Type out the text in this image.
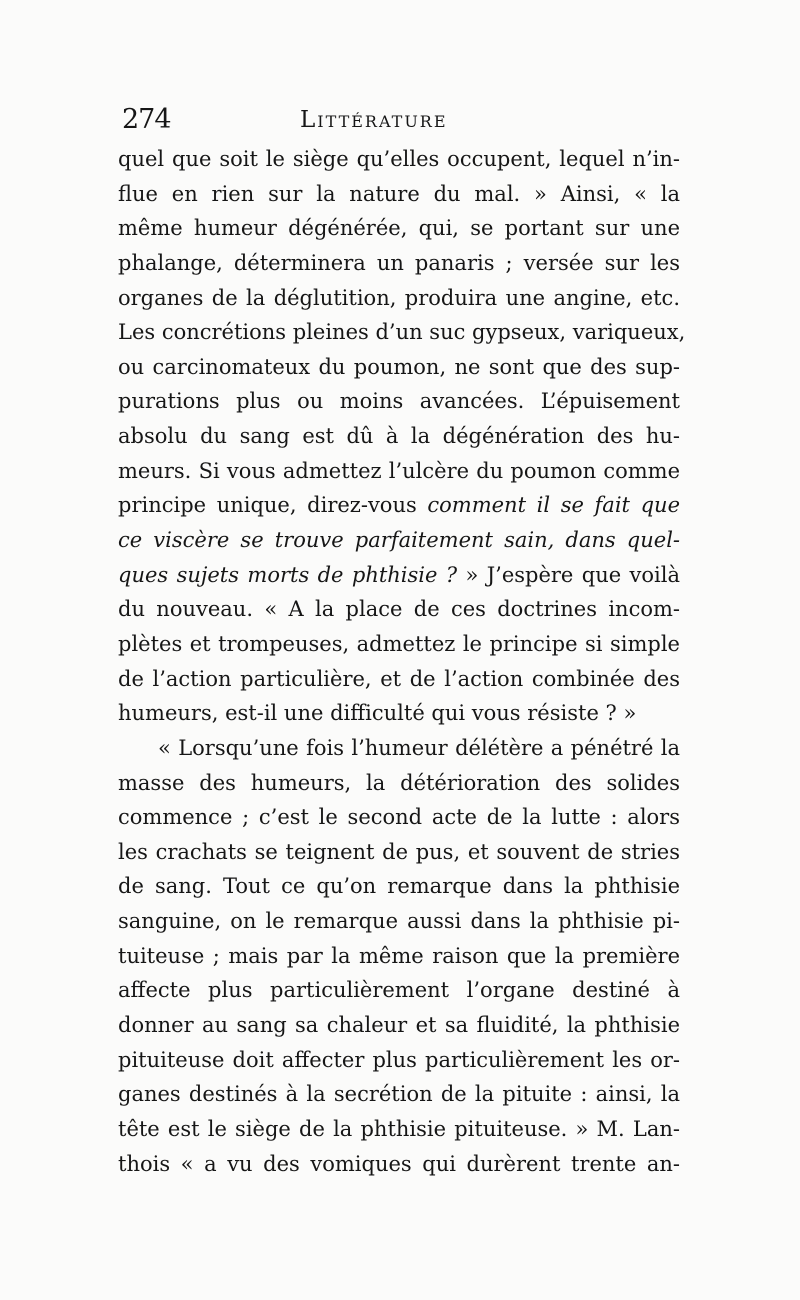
274	Littérature
quel que soit le siège qu’elles occupent, lequel n’in-
flue en rien sur la nature du mal. » Ainsi, « la
même humeur dégénérée, qui, se portant sur une
phalange, déterminera un panaris ; versée sur les
organes de la déglutition, produira une angine, etc.
Les concrétions pleines d’un suc gypseux, variqueux,
ou carcinomateux du poumon, ne sont que des sup-
purations plus ou moins avancées. L’épuisement
absolu du sang est dû à la dégénération des hu-
meurs. Si vous admettez l’ulcère du poumon comme
principe unique, direz-vous comment il se fait que
ce viscère se trouve parfaitement sain, dans quel-
ques sujets morts de phthisie ? » J’espère que voilà
du nouveau. « A la place de ces doctrines incom-
plètes et trompeuses, admettez le principe si simple
de l’action particulière, et de l’action combinée des
humeurs, est-il une difficulté qui vous résiste ? »
« Lorsqu’une fois l’humeur délétère a pénétré la
masse des humeurs, la détérioration des solides
commence ; c’est le second acte de la lutte : alors
les crachats se teignent de pus, et souvent de stries
de sang. Tout ce qu’on remarque dans la phthisie
sanguine, on le remarque aussi dans la phthisie pi-
tuiteuse ; mais par la même raison que la première
affecte plus particulièrement l’organe destiné à
donner au sang sa chaleur et sa fluidité, la phthisie
pituiteuse doit affecter plus particulièrement les or-
ganes destinés à la secrétion de la pituite : ainsi, la
tête est le siège de la phthisie pituiteuse. » M. Lan-
thois « a vu des vomiques qui durèrent trente an-
